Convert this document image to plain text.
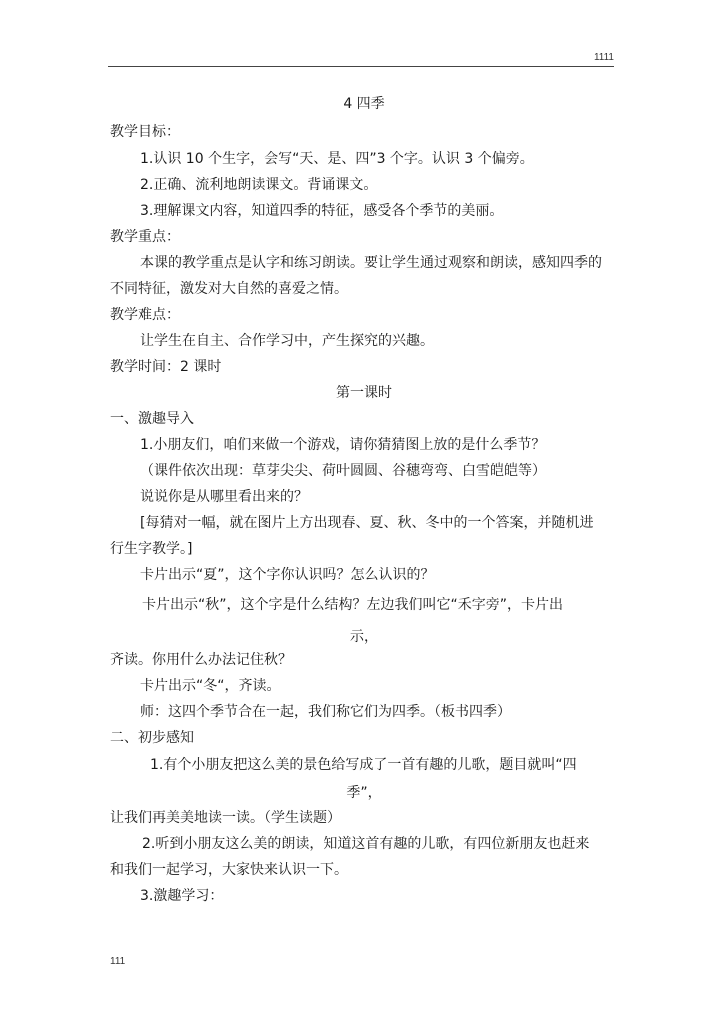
1111
4 四季
教学目标：
1.认识 10 个生字，会写“天、是、四”3 个字。认识 3 个偏旁。
2.正确、流利地朗读课文。背诵课文。
3.理解课文内容，知道四季的特征，感受各个季节的美丽。
教学重点：
本课的教学重点是认字和练习朗读。要让学生通过观察和朗读，感知四季的
不同特征，激发对大自然的喜爱之情。
教学难点：
让学生在自主、合作学习中，产生探究的兴趣。
教学时间：2 课时
第一课时
一、激趣导入
1.小朋友们，咱们来做一个游戏，请你猜猜图上放的是什么季节？
（课件依次出现：草芽尖尖、荷叶圆圆、谷穗弯弯、白雪皑皑等）
说说你是从哪里看出来的？
[每猜对一幅，就在图片上方出现春、夏、秋、冬中的一个答案，并随机进
行生字教学。]
卡片出示“夏”，这个字你认识吗？怎么认识的？
卡片出示“秋”，这个字是什么结构？左边我们叫它“禾字旁”，卡片出
示，
齐读。你用什么办法记住秋？
卡片出示“冬“，齐读。
师：这四个季节合在一起，我们称它们为四季。（板书四季）
二、初步感知
1.有个小朋友把这么美的景色给写成了一首有趣的儿歌，题目就叫“四
季”，
让我们再美美地读一读。（学生读题）
2.听到小朋友这么美的朗读，知道这首有趣的儿歌，有四位新朋友也赶来
和我们一起学习，大家快来认识一下。
3.激趣学习：
111
